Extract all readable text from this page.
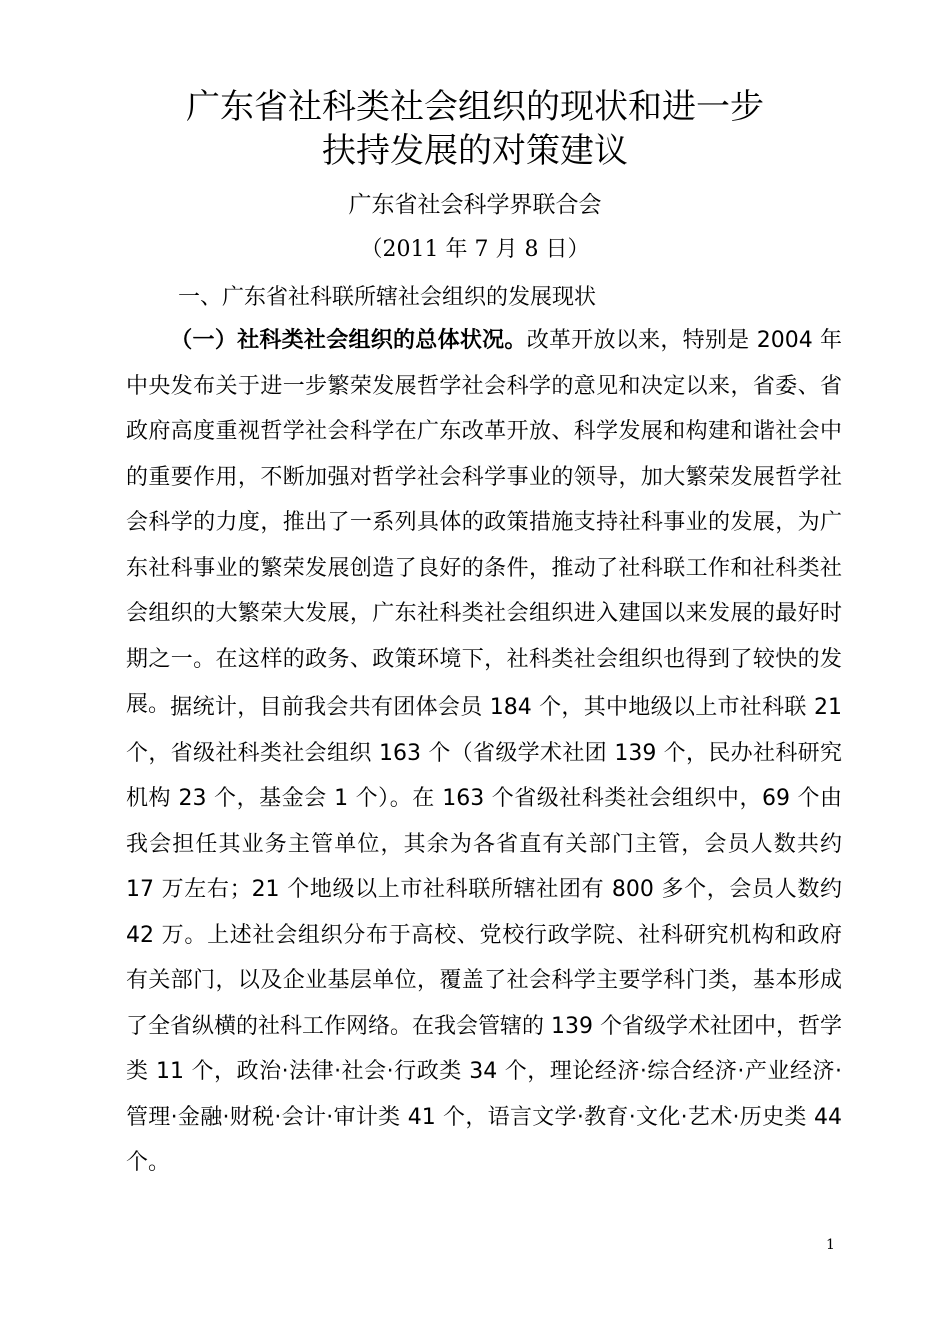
广东省社科类社会组织的现状和进一步
扶持发展的对策建议
广东省社会科学界联合会
（2011 年 7 月 8 日）
一、广东省社科联所辖社会组织的发展现状

（一）社科类社会组织的总体状况。改革开放以来，特别是 2004 年中央发布关于进一步繁荣发展哲学社会科学的意见和决定以来，省委、省政府高度重视哲学社会科学在广东改革开放、科学发展和构建和谐社会中的重要作用，不断加强对哲学社会科学事业的领导，加大繁荣发展哲学社会科学的力度，推出了一系列具体的政策措施支持社科事业的发展，为广东社科事业的繁荣发展创造了良好的条件，推动了社科联工作和社科类社会组织的大繁荣大发展，广东社科类社会组织进入建国以来发展的最好时期之一。在这样的政务、政策环境下，社科类社会组织也得到了较快的发展。 据统计，目前我会共有团体会员 184 个，其中地级以上市社科联 21 个，省级社科类社会组织 163 个（省级学术社团 139 个，民办社科研究机构 23 个，基金会 1 个）。在 163 个省级社科类社会组织中，69 个由我会担任其业务主管单位，其余为各省直有关部门主管，会员人数共约 17 万左右；21 个地级以上市社科联所辖社团有 800 多个，会员人数约 42 万。上述社会组织分布于高校、党校行政学院、社科研究机构和政府有关部门，以及企业基层单位，覆盖了社会科学主要学科门类，基本形成了全省纵横的社科工作网络。在我会管辖的 139 个省级学术社团中，哲学类 11 个，政治·法律·社会·行政类 34 个，理论经济·综合经济·产业经济·管理·金融·财税·会计·审计类 41 个，语言文学·教育·文化·艺术·历史类 44 个。

1
